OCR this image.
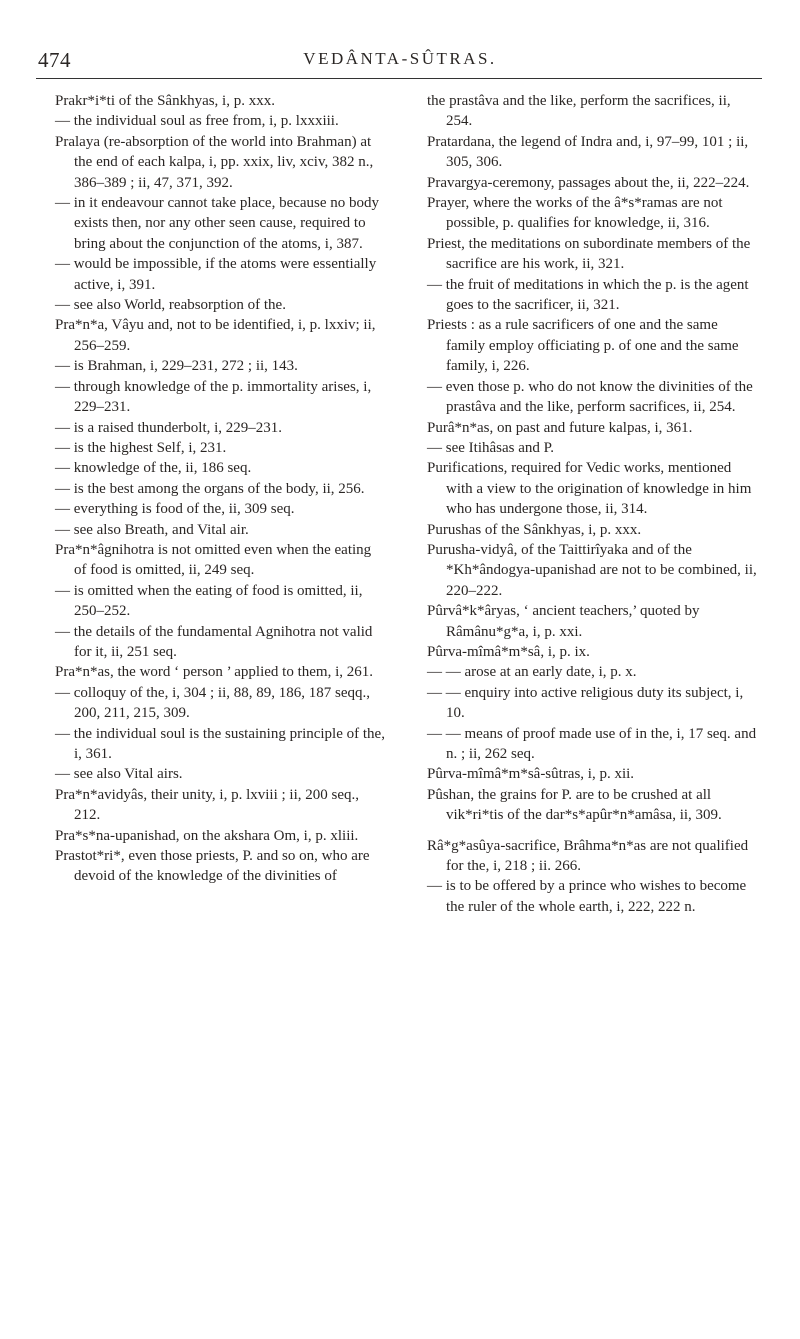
474	VEDÂNTA-SÛTRAS.

Prakr*i*ti of the Sânkhyas, i, p. xxx.

— the individual soul as free from, i, p. lxxxiii.

Pralaya (re-absorption of the world into Brahman) at the end of each kalpa, i, pp. xxix, liv, xciv, 382 n., 386–389 ; ii, 47, 371, 392.

— in it endeavour cannot take place, because no body exists then, nor any other seen cause, required to bring about the conjunction of the atoms, i, 387.

— would be impossible, if the atoms were essentially active, i, 391.

— see also World, reabsorption of the.

Pra*n*a, Vâyu and, not to be identified, i, p. lxxiv; ii, 256–259.

— is Brahman, i, 229–231, 272 ; ii, 143.

— through knowledge of the p. immortality arises, i, 229–231.

— is a raised thunderbolt, i, 229–231.

— is the highest Self, i, 231.

— knowledge of the, ii, 186 seq.

— is the best among the organs of the body, ii, 256.

— everything is food of the, ii, 309 seq.

— see also Breath, and Vital air.

Pra*n*âgnihotra is not omitted even when the eating of food is omitted, ii, 249 seq.

— is omitted when the eating of food is omitted, ii, 250–252.

— the details of the fundamental Agnihotra not valid for it, ii, 251 seq.

Pra*n*as, the word ‘ person ’ applied to them, i, 261.

— colloquy of the, i, 304 ; ii, 88, 89, 186, 187 seqq., 200, 211, 215, 309.

— the individual soul is the sustaining principle of the, i, 361.

— see also Vital airs.

Pra*n*avidyâs, their unity, i, p. lxviii ; ii, 200 seq., 212.

Pra*s*na-upanishad, on the akshara Om, i, p. xliii.

Prastot*ri*, even those priests, P. and so on, who are devoid of the knowledge of the divinities of

the prastâva and the like, perform the sacrifices, ii, 254.

Pratardana, the legend of Indra and, i, 97–99, 101 ; ii, 305, 306.

Pravargya-ceremony, passages about the, ii, 222–224.

Prayer, where the works of the â*s*ramas are not possible, p. qualifies for knowledge, ii, 316.

Priest, the meditations on subordinate members of the sacrifice are his work, ii, 321.

— the fruit of meditations in which the p. is the agent goes to the sacrificer, ii, 321.

Priests : as a rule sacrificers of one and the same family employ officiating p. of one and the same family, i, 226.

— even those p. who do not know the divinities of the prastâva and the like, perform sacrifices, ii, 254.

Purâ*n*as, on past and future kalpas, i, 361.

— see Itihâsas and P.

Purifications, required for Vedic works, mentioned with a view to the origination of knowledge in him who has undergone those, ii, 314.

Purushas of the Sânkhyas, i, p. xxx.

Purusha-vidyâ, of the Taittirîyaka and of the *Kh*ândogya-upanishad are not to be combined, ii, 220–222.

Pûrvâ*k*âryas, ‘ ancient teachers,’ quoted by Râmânu*g*a, i, p. xxi.

Pûrva-mîmâ*m*sâ, i, p. ix.

— — arose at an early date, i, p. x.

— — enquiry into active religious duty its subject, i, 10.

— — means of proof made use of in the, i, 17 seq. and n. ; ii, 262 seq.

Pûrva-mîmâ*m*sâ-sûtras, i, p. xii.

Pûshan, the grains for P. are to be crushed at all vik*ri*tis of the dar*s*apûr*n*amâsa, ii, 309.

Râ*g*asûya-sacrifice, Brâhma*n*as are not qualified for the, i, 218 ; ii. 266.

— is to be offered by a prince who wishes to become the ruler of the whole earth, i, 222, 222 n.
